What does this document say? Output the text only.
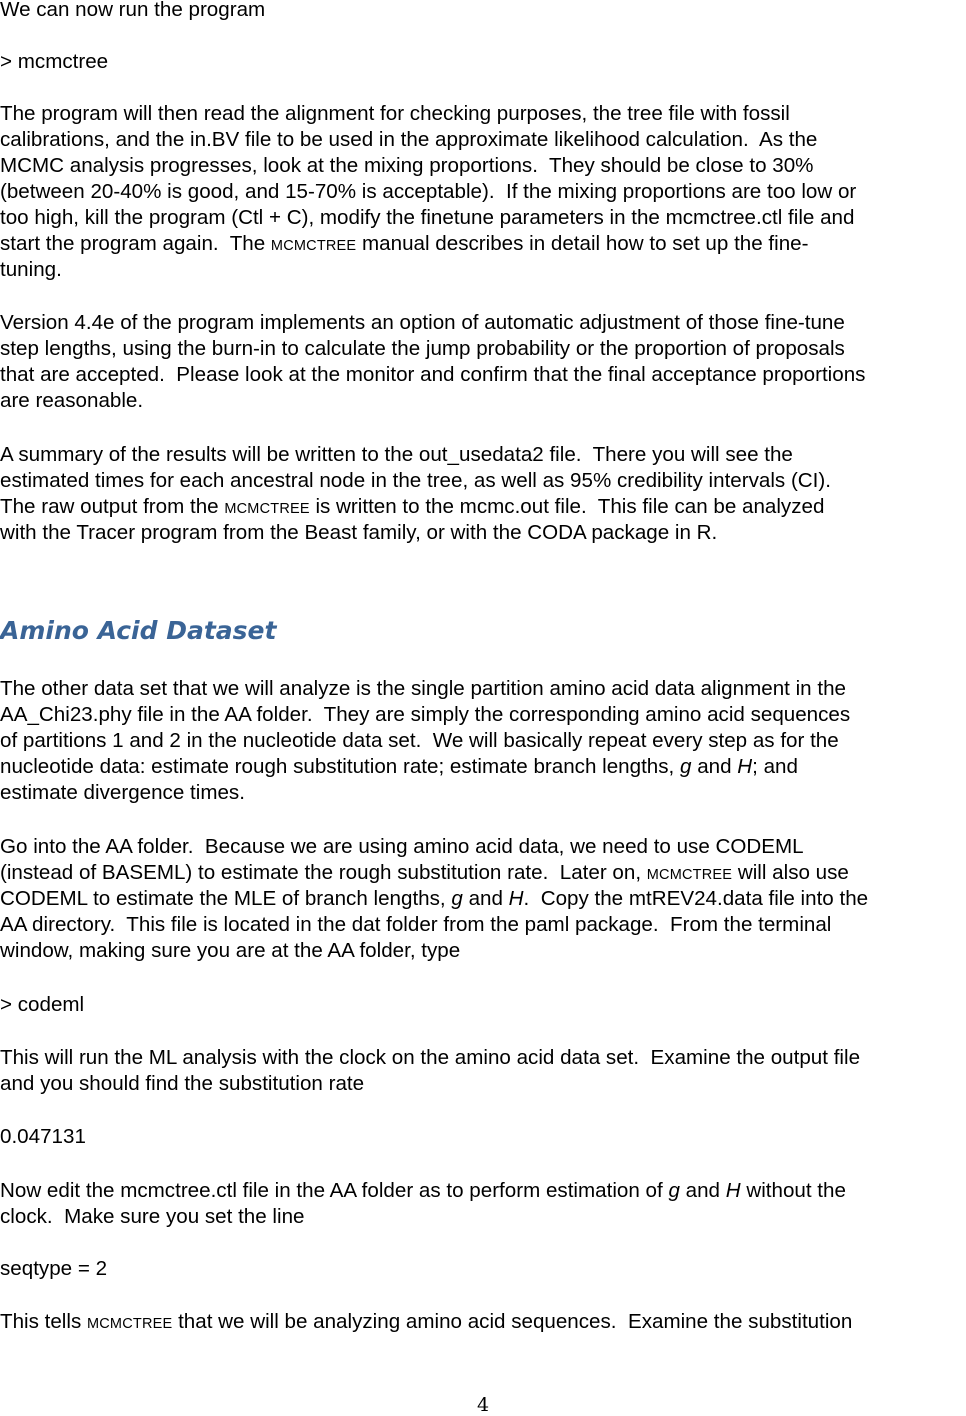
We can now run the program
> mcmctree
The program will then read the alignment for checking purposes, the tree file with fossil
calibrations, and the in.BV file to be used in the approximate likelihood calculation.  As the
MCMC analysis progresses, look at the mixing proportions.  They should be close to 30%
(between 20-40% is good, and 15-70% is acceptable).  If the mixing proportions are too low or
too high, kill the program (Ctl + C), modify the finetune parameters in the mcmctree.ctl file and
start the program again.  The MCMCTREE manual describes in detail how to set up the fine-
tuning.
Version 4.4e of the program implements an option of automatic adjustment of those fine-tune
step lengths, using the burn-in to calculate the jump probability or the proportion of proposals
that are accepted.  Please look at the monitor and confirm that the final acceptance proportions
are reasonable.
A summary of the results will be written to the out_usedata2 file.  There you will see the
estimated times for each ancestral node in the tree, as well as 95% credibility intervals (CI).
The raw output from the MCMCTREE is written to the mcmc.out file.  This file can be analyzed
with the Tracer program from the Beast family, or with the CODA package in R.
The other data set that we will analyze is the single partition amino acid data alignment in the
AA_Chi23.phy file in the AA folder.  They are simply the corresponding amino acid sequences
of partitions 1 and 2 in the nucleotide data set.  We will basically repeat every step as for the
nucleotide data: estimate rough substitution rate; estimate branch lengths, g and H; and
estimate divergence times.
Go into the AA folder.  Because we are using amino acid data, we need to use CODEML
(instead of BASEML) to estimate the rough substitution rate.  Later on, MCMCTREE will also use
CODEML to estimate the MLE of branch lengths, g and H.  Copy the mtREV24.data file into the
AA directory.  This file is located in the dat folder from the paml package.  From the terminal
window, making sure you are at the AA folder, type
> codeml
This will run the ML analysis with the clock on the amino acid data set.  Examine the output file
and you should find the substitution rate
0.047131
Now edit the mcmctree.ctl file in the AA folder as to perform estimation of g and H without the
clock.  Make sure you set the line
seqtype = 2
This tells MCMCTREE that we will be analyzing amino acid sequences.  Examine the substitution
Amino Acid Dataset
4
